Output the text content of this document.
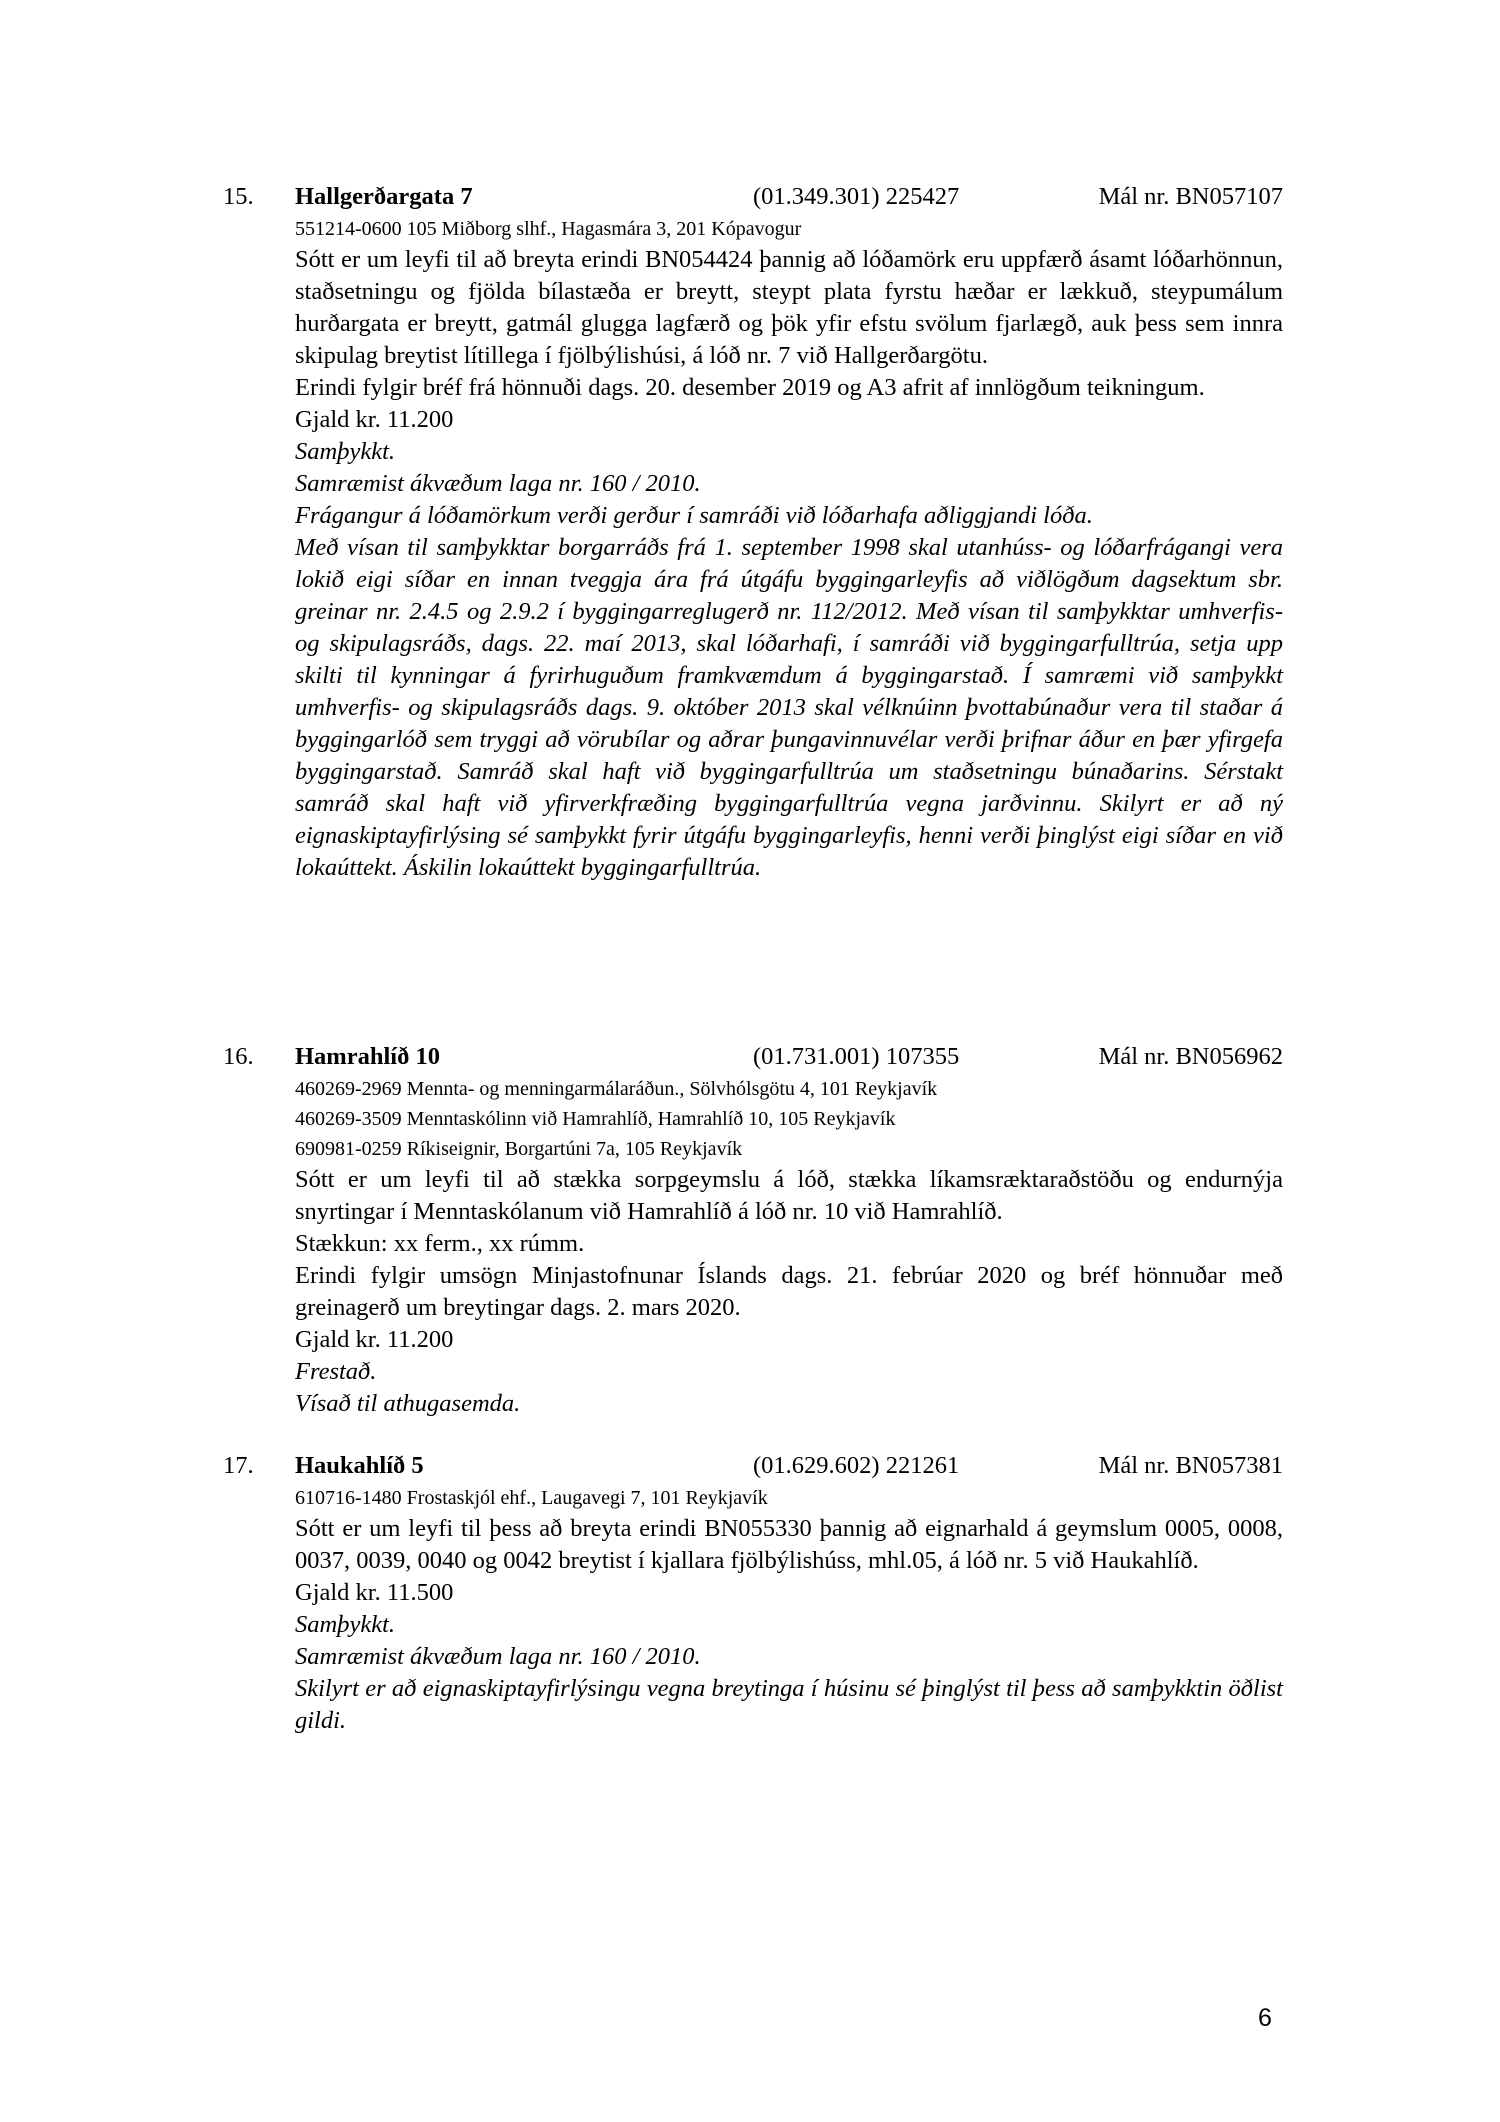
15. Hallgerðargata 7	(01.349.301) 225427	Mál nr. BN057107
551214-0600 105 Miðborg slhf., Hagasmára 3, 201 Kópavogur
Sótt er um leyfi til að breyta erindi BN054424 þannig að lóðamörk eru uppfærð ásamt lóðarhönnun, staðsetningu og fjölda bílastæða er breytt, steypt plata fyrstu hæðar er lækkuð, steypumálum hurðargata er breytt, gatmál glugga lagfærð og þök yfir efstu svölum fjarlægð, auk þess sem innra skipulag breytist lítillega í fjölbýlishúsi, á lóð nr. 7 við Hallgerðargötu.
Erindi fylgir bréf frá hönnuði dags. 20. desember 2019 og A3 afrit af innlögðum teikningum.
Gjald kr. 11.200
Samþykkt.
Samræmist ákvæðum laga nr. 160 / 2010.
Frágangur á lóðamörkum verði gerður í samráði við lóðarhafa aðliggjandi lóða.
Með vísan til samþykktar borgarráðs frá 1. september 1998 skal utanhúss- og lóðarfrágangi vera lokið eigi síðar en innan tveggja ára frá útgáfu byggingarleyfis að viðlögðum dagsektum sbr. greinar nr. 2.4.5 og 2.9.2 í byggingarreglugerð nr. 112/2012. Með vísan til samþykktar umhverfis- og skipulagsráðs, dags. 22. maí 2013, skal lóðarhafi, í samráði við byggingarfulltrúa, setja upp skilti til kynningar á fyrirhuguðum framkvæmdum á byggingarstað. Í samræmi við samþykkt umhverfis- og skipulagsráðs dags. 9. október 2013 skal vélknúinn þvottabúnaður vera til staðar á byggingarlóð sem tryggi að vörubílar og aðrar þungavinnuvélar verði þrifnar áður en þær yfirgefa byggingarstað. Samráð skal haft við byggingarfulltrúa um staðsetningu búnaðarins. Sérstakt samráð skal haft við yfirverkfræðing byggingarfulltrúa vegna jarðvinnu. Skilyrt er að ný eignaskiptayfirlýsing sé samþykkt fyrir útgáfu byggingarleyfis, henni verði þinglýst eigi síðar en við lokaúttekt. Áskilin lokaúttekt byggingarfulltrúa.
16. Hamrahlíð 10	(01.731.001) 107355	Mál nr. BN056962
460269-2969 Mennta- og menningarmálaráðun., Sölvhólsgötu 4, 101 Reykjavík
460269-3509 Menntaskólinn við Hamrahlíð, Hamrahlíð 10, 105 Reykjavík
690981-0259 Ríkiseignir, Borgartúni 7a, 105 Reykjavík
Sótt er um leyfi til að stækka sorpgeymslu á lóð, stækka líkamsræktaraðstöðu og endurnýja snyrtingar í Menntaskólanum við Hamrahlíð á lóð nr. 10 við Hamrahlíð.
Stækkun: xx ferm., xx rúmm.
Erindi fylgir umsögn Minjastofnunar Íslands dags. 21. febrúar 2020 og bréf hönnuðar með greinagerð um breytingar dags. 2. mars 2020.
Gjald kr. 11.200
Frestað.
Vísað til athugasemda.
17. Haukahlíð 5	(01.629.602) 221261	Mál nr. BN057381
610716-1480 Frostaskjól ehf., Laugavegi 7, 101 Reykjavík
Sótt er um leyfi til þess að breyta erindi BN055330 þannig að eignarhald á geymslum 0005, 0008, 0037, 0039, 0040 og 0042 breytist í kjallara fjölbýlishúss, mhl.05, á lóð nr. 5 við Haukahlíð.
Gjald kr. 11.500
Samþykkt.
Samræmist ákvæðum laga nr. 160 / 2010.
Skilyrt er að eignaskiptayfirlýsingu vegna breytinga í húsinu sé þinglýst til þess að samþykktin öðlist gildi.
6
